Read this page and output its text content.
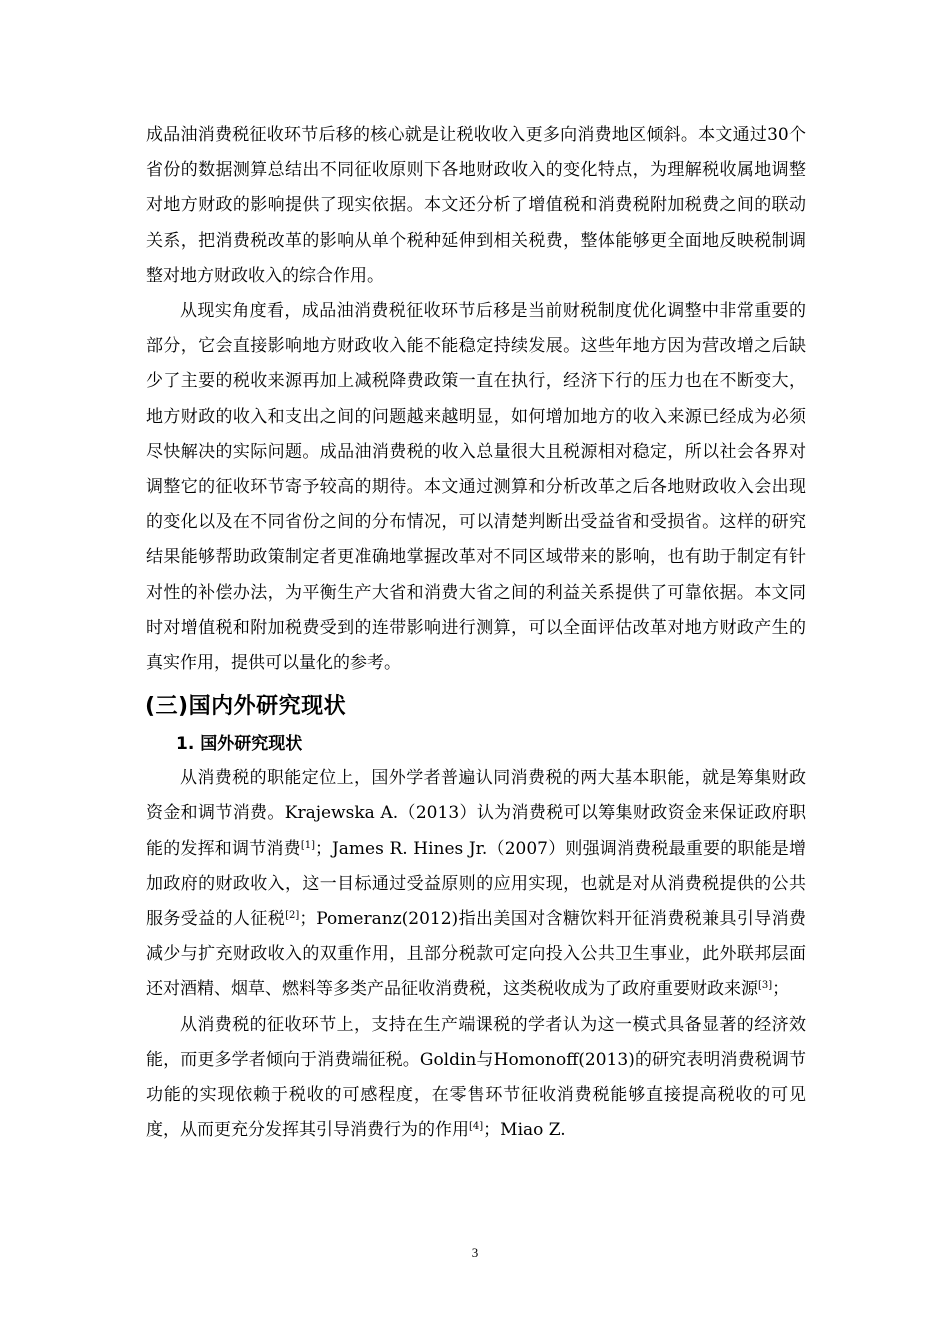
成品油消费税征收环节后移的核心就是让税收收入更多向消费地区倾斜。本文通过30个省份的数据测算总结出不同征收原则下各地财政收入的变化特点，为理解税收属地调整对地方财政的影响提供了现实依据。本文还分析了增值税和消费税附加税费之间的联动关系，把消费税改革的影响从单个税种延伸到相关税费，整体能够更全面地反映税制调整对地方财政收入的综合作用。

从现实角度看，成品油消费税征收环节后移是当前财税制度优化调整中非常重要的部分，它会直接影响地方财政收入能不能稳定持续发展。这些年地方因为营改增之后缺少了主要的税收来源再加上减税降费政策一直在执行，经济下行的压力也在不断变大，地方财政的收入和支出之间的问题越来越明显，如何增加地方的收入来源已经成为必须尽快解决的实际问题。成品油消费税的收入总量很大且税源相对稳定，所以社会各界对调整它的征收环节寄予较高的期待。本文通过测算和分析改革之后各地财政收入会出现的变化以及在不同省份之间的分布情况，可以清楚判断出受益省和受损省。这样的研究结果能够帮助政策制定者更准确地掌握改革对不同区域带来的影响，也有助于制定有针对性的补偿办法，为平衡生产大省和消费大省之间的利益关系提供了可靠依据。本文同时对增值税和附加税费受到的连带影响进行测算，可以全面评估改革对地方财政产生的真实作用，提供可以量化的参考。

(三)国内外研究现状
1. 国外研究现状

从消费税的职能定位上，国外学者普遍认同消费税的两大基本职能，就是筹集财政资金和调节消费。Krajewska A.（2013）认为消费税可以筹集财政资金来保证政府职能的发挥和调节消费[1]；James R. Hines Jr.（2007）则强调消费税最重要的职能是增加政府的财政收入，这一目标通过受益原则的应用实现，也就是对从消费税提供的公共服务受益的人征税[2]；Pomeranz(2012)指出美国对含糖饮料开征消费税兼具引导消费减少与扩充财政收入的双重作用，且部分税款可定向投入公共卫生事业，此外联邦层面还对酒精、烟草、燃料等多类产品征收消费税，这类税收成为了政府重要财政来源[3]；

从消费税的征收环节上，支持在生产端课税的学者认为这一模式具备显著的经济效能，而更多学者倾向于消费端征税。Goldin与Homonoff(2013)的研究表明消费税调节功能的实现依赖于税收的可感程度，在零售环节征收消费税能够直接提高税收的可见度，从而更充分发挥其引导消费行为的作用[4]；Miao Z.

3
